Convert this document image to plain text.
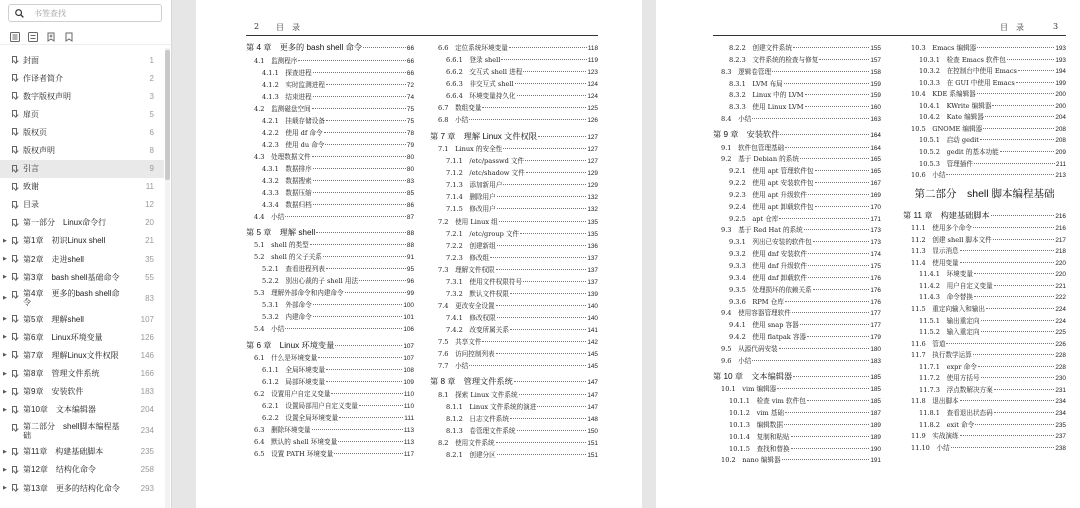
书签查找
封面	1
作译者简介	2
数字版权声明	3
扉页	5
版权页	6
版权声明	8
引言	9
致谢	11
目录	12
第一部分　Linux命令行	20
▶ 第1章　初识Linux shell	21
▶ 第2章　走进shell	35
▶ 第3章　bash shell基础命令	55
▶ 第4章　更多的bash shell命令	83
▶ 第5章　理解shell	107
▶ 第6章　Linux环境变量	126
▶ 第7章　理解Linux文件权限	146
▶ 第8章　管理文件系统	166
▶ 第9章　安装软件	183
▶ 第10章　文本编辑器	204
第二部分　shell脚本编程基础	234
▶ 第11章　构建基础脚本	235
▶ 第12章　结构化命令	258
▶ 第13章　更多的结构化命令	293
2 目　录
第 4 章　更多的 bash shell 命令	66
4.1　监测程序	66
4.1.1　探查进程	66
4.1.2　实时监测进程	72
4.1.3　结束进程	74
4.2　监测磁盘空间	75
4.2.1　挂载存储设备	75
4.2.2　使用 df 命令	78
4.2.3　使用 du 命令	79
4.3　处理数据文件	80
4.3.1　数据排序	80
4.3.2　数据搜索	83
4.3.3　数据压缩	85
4.3.4　数据归档	86
4.4　小结	87
第 5 章　理解 shell	88
5.1　shell 的类型	88
5.2　shell 的父子关系	91
5.2.1　查看进程列表	95
5.2.2　别出心裁的子 shell 用法	96
5.3　理解外部命令和内建命令	99
5.3.1　外部命令	100
5.3.2　内建命令	101
5.4　小结	106
第 6 章　Linux 环境变量	107
6.1　什么是环境变量	107
6.1.1　全局环境变量	108
6.1.2　局部环境变量	109
6.2　设置用户自定义变量	110
6.2.1　设置局部用户自定义变量	110
6.2.2　设置全局环境变量	111
6.3　删除环境变量	113
6.4　默认的 shell 环境变量	113
6.5　设置 PATH 环境变量	117
6.6　定位系统环境变量	118
6.6.1　登录 shell	119
6.6.2　交互式 shell 进程	123
6.6.3　非交互式 shell	124
6.6.4　环境变量持久化	124
6.7　数组变量	125
6.8　小结	126
第 7 章　理解 Linux 文件权限	127
7.1　Linux 的安全性	127
7.1.1　/etc/passwd 文件	127
7.1.2　/etc/shadow 文件	129
7.1.3　添加新用户	129
7.1.4　删除用户	132
7.1.5　修改用户	132
7.2　使用 Linux 组	135
7.2.1　/etc/group 文件	135
7.2.2　创建新组	136
7.2.3　修改组	137
7.3　理解文件权限	137
7.3.1　使用文件权限符号	137
7.3.2　默认文件权限	139
7.4　更改安全设置	140
7.4.1　修改权限	140
7.4.2　改变所属关系	141
7.5　共享文件	142
7.6　访问控制列表	145
7.7　小结	145
第 8 章　管理文件系统	147
8.1　探索 Linux 文件系统	147
8.1.1　Linux 文件系统的演进	147
8.1.2　日志文件系统	148
8.1.3　卷管理文件系统	150
8.2　使用文件系统	151
8.2.1　创建分区	151
目　录	3
8.2.2　创建文件系统	155
8.2.3　文件系统的检查与修复	157
8.3　逻辑卷管理	158
8.3.1　LVM 布局	159
8.3.2　Linux 中的 LVM	159
8.3.3　使用 Linux LVM	160
8.4　小结	163
第 9 章　安装软件	164
9.1　软件包管理基础	164
9.2　基于 Debian 的系统	165
9.2.1　使用 apt 管理软件包	165
9.2.2　使用 apt 安装软件包	167
9.2.3　使用 apt 升级软件	169
9.2.4　使用 apt 卸载软件包	170
9.2.5　apt 仓库	171
9.3　基于 Red Hat 的系统	173
9.3.1　列出已安装的软件包	173
9.3.2　使用 dnf 安装软件	174
9.3.3　使用 dnf 升级软件	175
9.3.4　使用 dnf 卸载软件	176
9.3.5　处理损坏的依赖关系	176
9.3.6　RPM 仓库	176
9.4　使用容器管理软件	177
9.4.1　使用 snap 容器	177
9.4.2　使用 flatpak 容器	179
9.5　从源代码安装	180
9.6　小结	183
第 10 章　文本编辑器	185
10.1　vim 编辑器	185
10.1.1　检查 vim 软件包	185
10.1.2　vim 基础	187
10.1.3　编辑数据	189
10.1.4　复制和粘贴	189
10.1.5　查找和替换	190
10.2　nano 编辑器	191
10.3　Emacs 编辑器	193
10.3.1　检查 Emacs 软件包	193
10.3.2　在控制台中使用 Emacs	194
10.3.3　在 GUI 中使用 Emacs	199
10.4　KDE 系编辑器	200
10.4.1　KWrite 编辑器	200
10.4.2　Kate 编辑器	204
10.5　GNOME 编辑器	208
10.5.1　启动 gedit	208
10.5.2　gedit 的基本功能	209
10.5.3　管理插件	211
10.6　小结	213
第二部分　shell 脚本编程基础
第 11 章　构建基础脚本	216
11.1　使用多个命令	216
11.2　创建 shell 脚本文件	217
11.3　显示消息	218
11.4　使用变量	220
11.4.1　环境变量	220
11.4.2　用户自定义变量	221
11.4.3　命令替换	222
11.5　重定向输入和输出	224
11.5.1　输出重定向	224
11.5.2　输入重定向	225
11.6　管道	226
11.7　执行数学运算	228
11.7.1　expr 命令	228
11.7.2　使用方括号	230
11.7.3　浮点数解决方案	231
11.8　退出脚本	234
11.8.1　查看退出状态码	234
11.8.2　exit 命令	235
11.9　实战演练	237
11.10　小结	238
